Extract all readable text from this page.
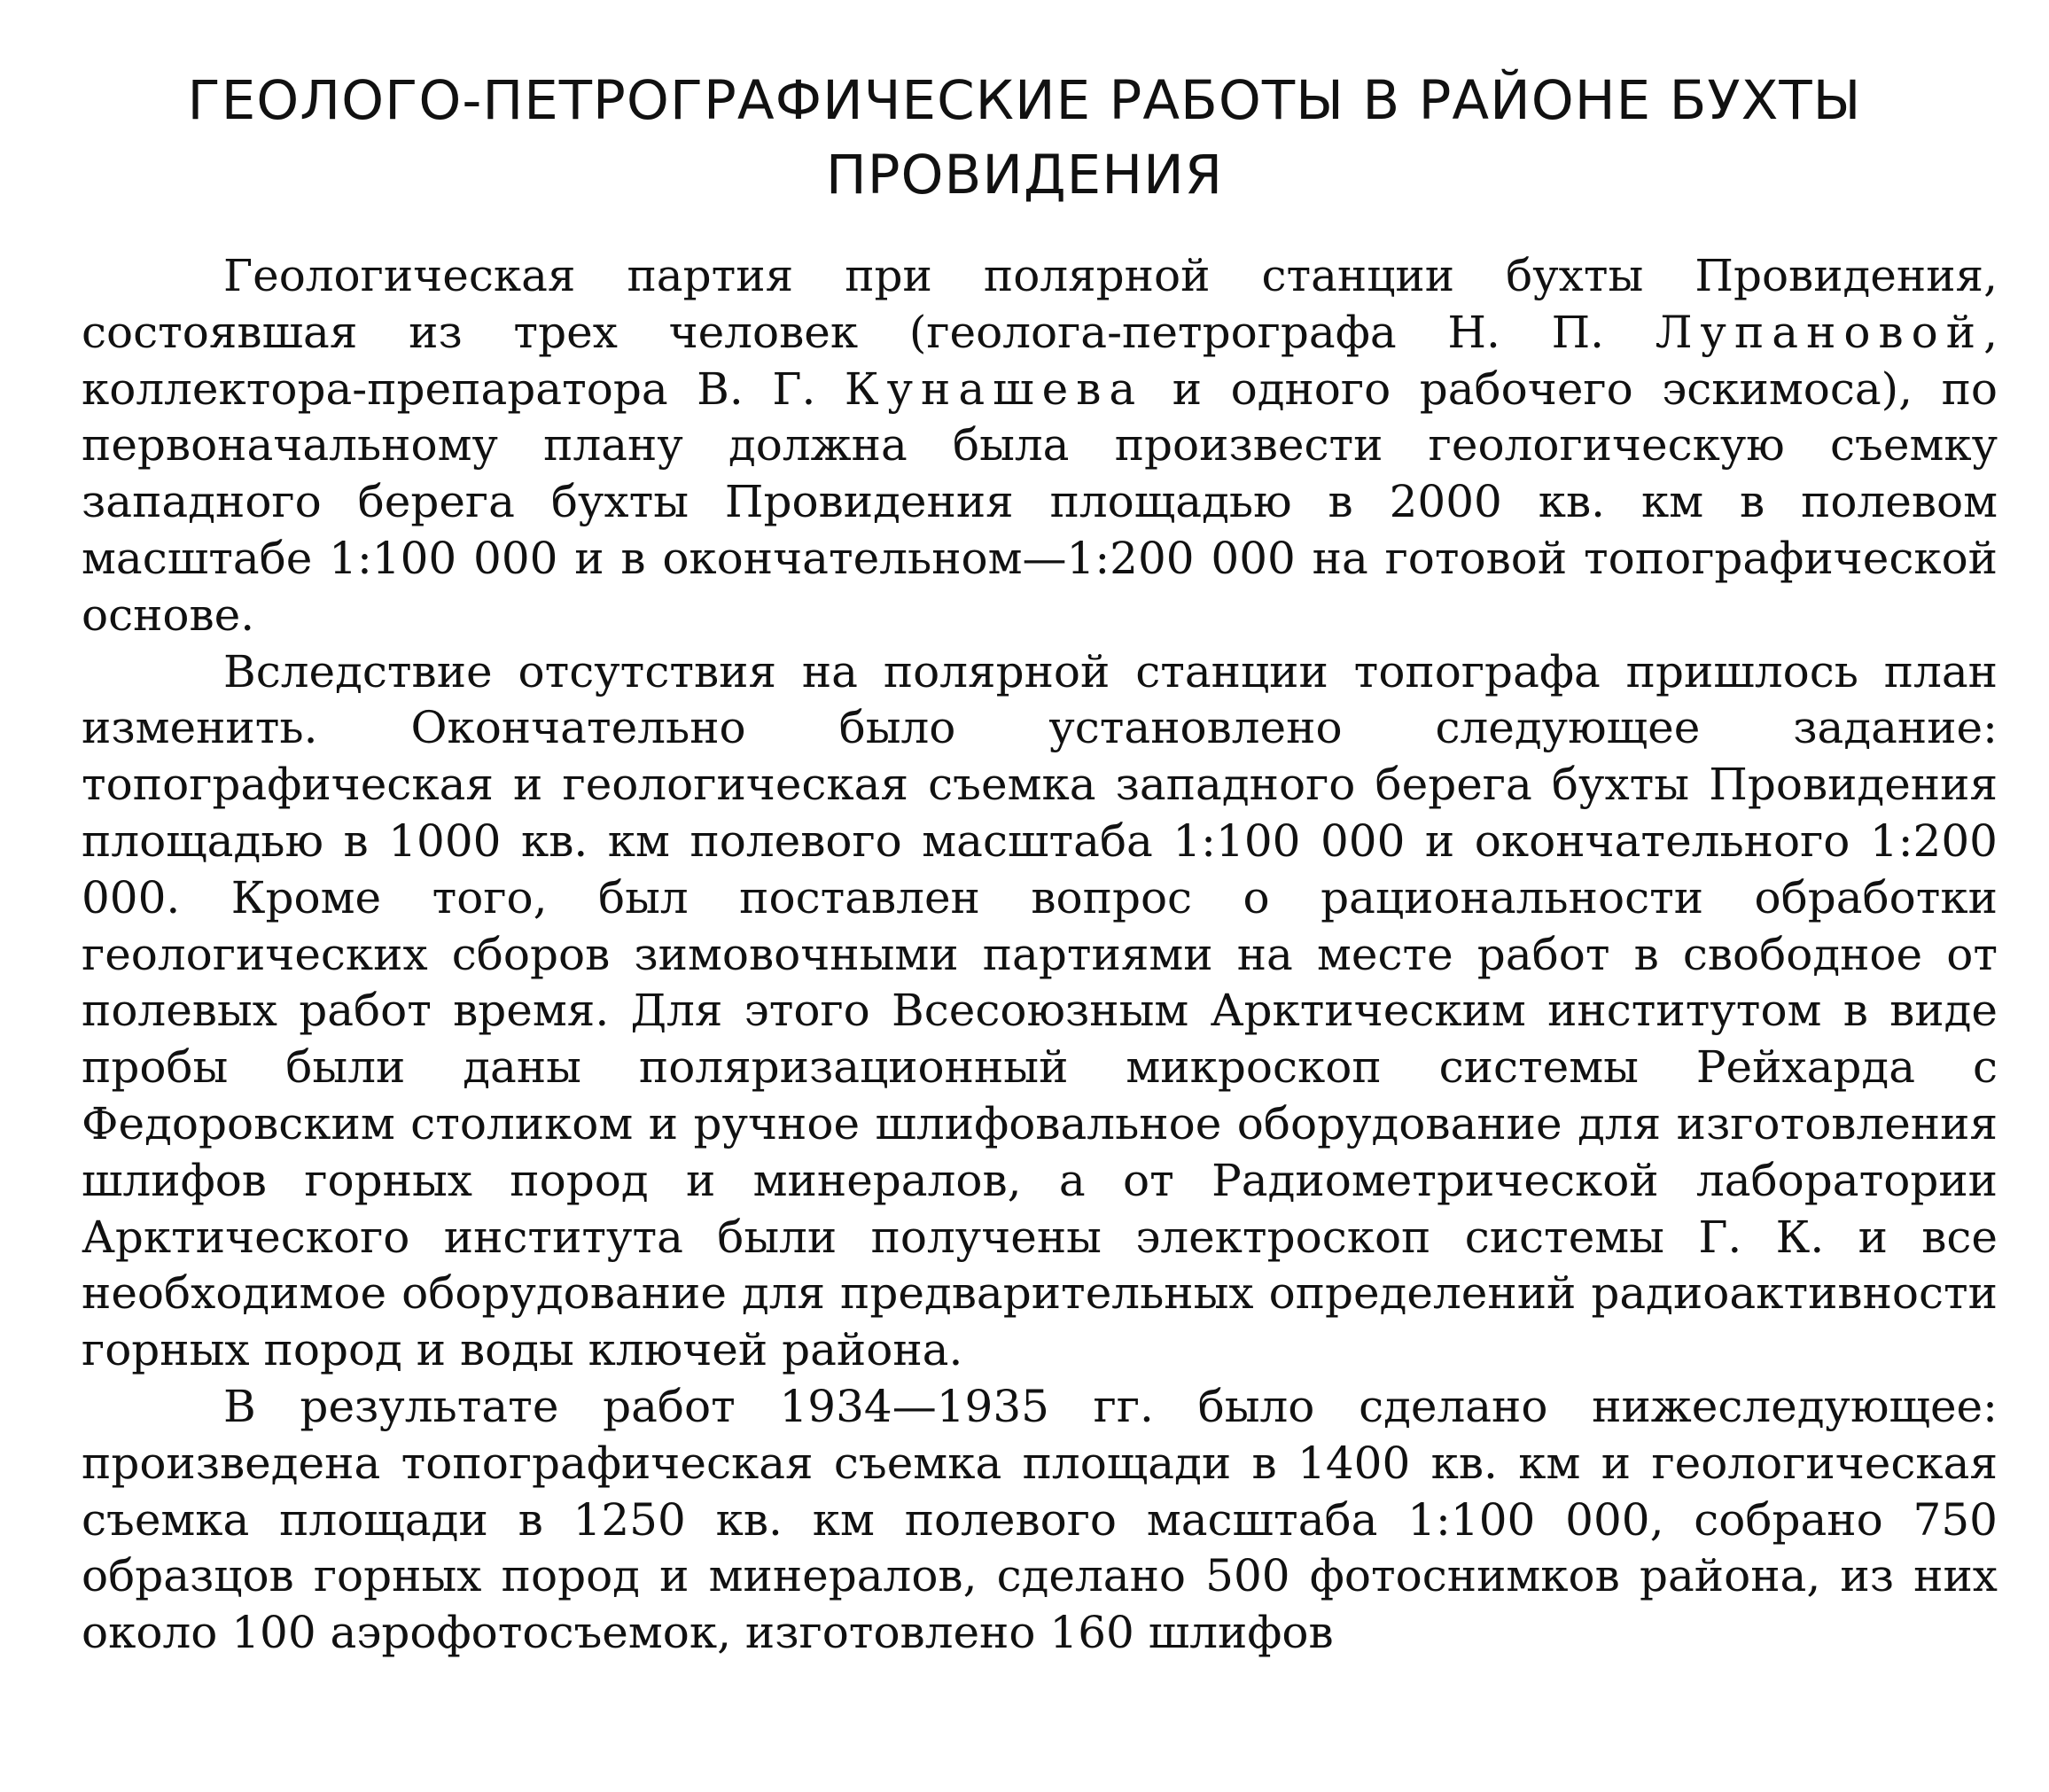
ГЕОЛОГО-ПЕТРОГРАФИЧЕСКИЕ РАБОТЫ В РАЙОНЕ БУХТЫ
ПРОВИДЕНИЯ

Геологическая партия при полярной станции бухты Провидения, состоявшая из трех человек (геолога-петрографа Н. П. Лупановой, коллектора-препаратора В. Г. Кунашева и одного рабочего эскимоса), по первоначальному плану должна была произвести геологическую съемку западного берега бухты Провидения площадью в 2000 кв. км в полевом масштабе 1:100 000 и в окончательном—1:200 000 на готовой топографической основе.

Вследствие отсутствия на полярной станции топографа пришлось план изменить. Окончательно было установлено следующее задание: топографическая и геологическая съемка западного берега бухты Провидения площадью в 1000 кв. км полевого масштаба 1:100 000 и окончательного 1:200 000. Кроме того, был поставлен вопрос о рациональности обработки геологических сборов зимовочными партиями на месте работ в свободное от полевых работ время. Для этого Всесоюзным Арктическим институтом в виде пробы были даны поляризационный микроскоп системы Рейхарда с Федоровским столиком и ручное шлифовальное оборудование для изготовления шлифов горных пород и минералов, а от Радиометрической лаборатории Арктического института были получены электроскоп системы Г. К. и все необходимое оборудование для предварительных определений радиоактивности горных пород и воды ключей района.

В результате работ 1934—1935 гг. было сделано нижеследующее: произведена топографическая съемка площади в 1400 кв. км и геологическая съемка площади в 1250 кв. км полевого масштаба 1:100 000, собрано 750 образцов горных пород и минералов, сделано 500 фотоснимков района, из них около 100 аэрофотосъемок, изготовлено 160 шлифов
